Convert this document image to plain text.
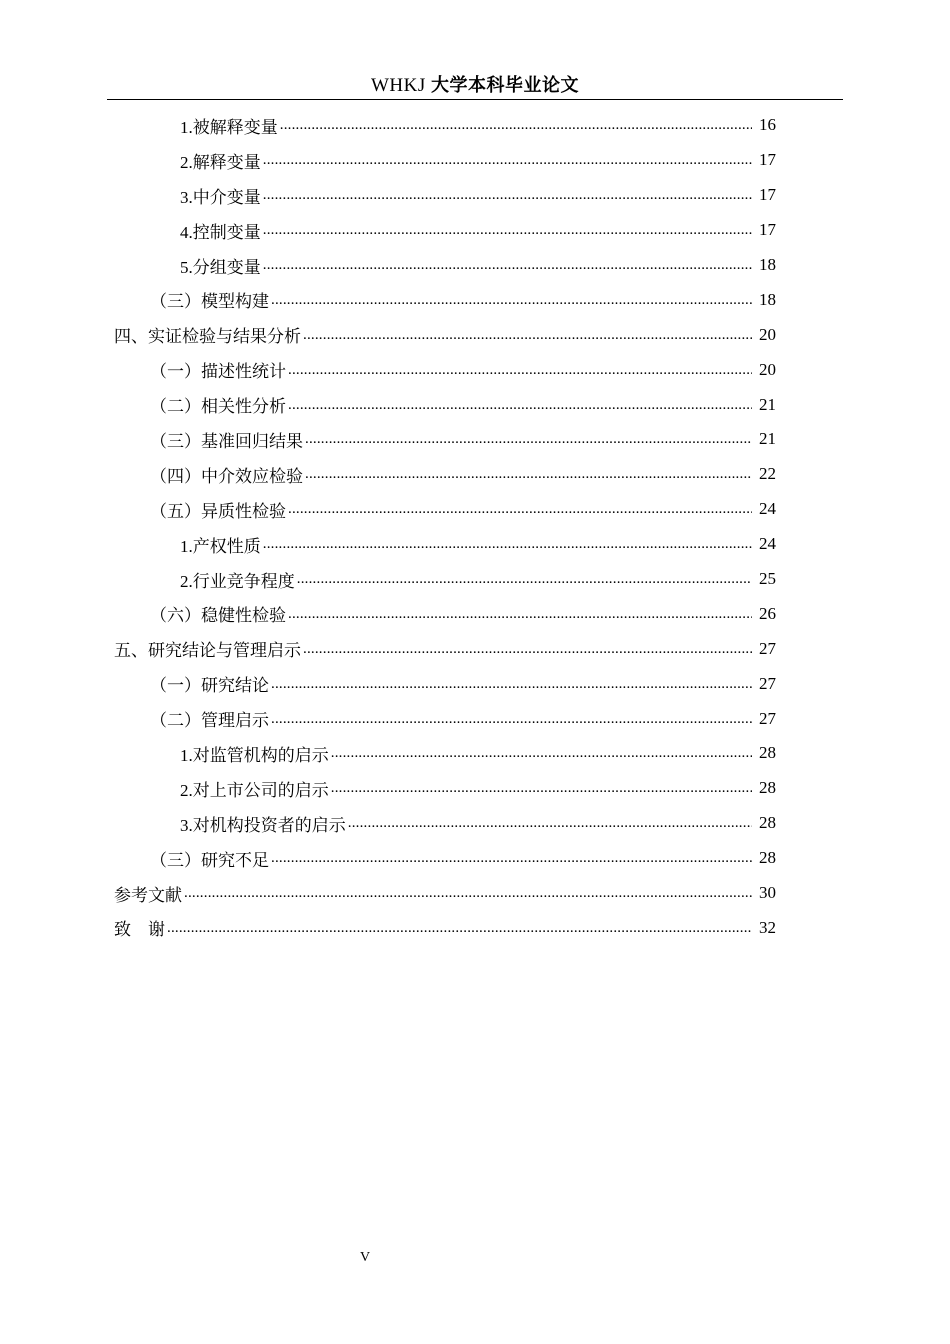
WHKJ 大学本科毕业论文
1.被解释变量 .....	16
2.解释变量 .....	17
3.中介变量 .....	17
4.控制变量 .....	17
5.分组变量 .....	18
（三）模型构建 .....	18
四、实证检验与结果分析 .....	20
（一）描述性统计 .....	20
（二）相关性分析 .....	21
（三）基准回归结果 .....	21
（四）中介效应检验 .....	22
（五）异质性检验 .....	24
1.产权性质 .....	24
2.行业竞争程度 .....	25
（六）稳健性检验 .....	26
五、研究结论与管理启示 .....	27
（一）研究结论 .....	27
（二）管理启示 .....	27
1.对监管机构的启示 .....	28
2.对上市公司的启示 .....	28
3.对机构投资者的启示 .....	28
（三）研究不足 .....	28
参考文献 .....	30
致　谢 .....	32
V
